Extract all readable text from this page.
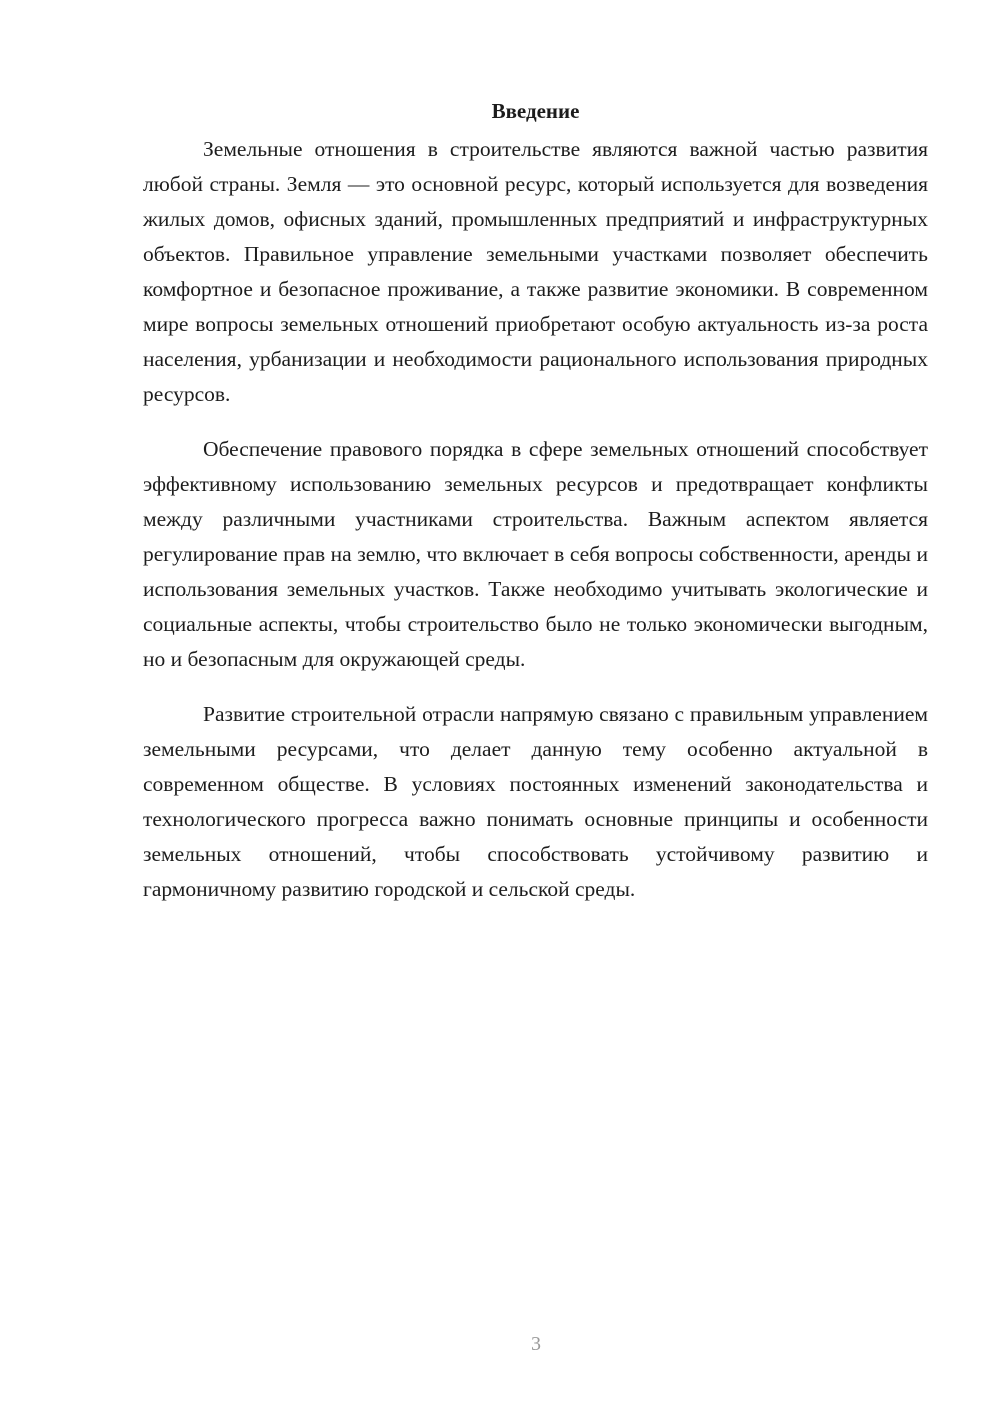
Введение

Земельные отношения в строительстве являются важной частью развития любой страны. Земля — это основной ресурс, который используется для возведения жилых домов, офисных зданий, промышленных предприятий и инфраструктурных объектов. Правильное управление земельными участками позволяет обеспечить комфортное и безопасное проживание, а также развитие экономики. В современном мире вопросы земельных отношений приобретают особую актуальность из-за роста населения, урбанизации и необходимости рационального использования природных ресурсов.

Обеспечение правового порядка в сфере земельных отношений способствует эффективному использованию земельных ресурсов и предотвращает конфликты между различными участниками строительства. Важным аспектом является регулирование прав на землю, что включает в себя вопросы собственности, аренды и использования земельных участков. Также необходимо учитывать экологические и социальные аспекты, чтобы строительство было не только экономически выгодным, но и безопасным для окружающей среды.

Развитие строительной отрасли напрямую связано с правильным управлением земельными ресурсами, что делает данную тему особенно актуальной в современном обществе. В условиях постоянных изменений законодательства и технологического прогресса важно понимать основные принципы и особенности земельных отношений, чтобы способствовать устойчивому развитию и гармоничному развитию городской и сельской среды.

3
